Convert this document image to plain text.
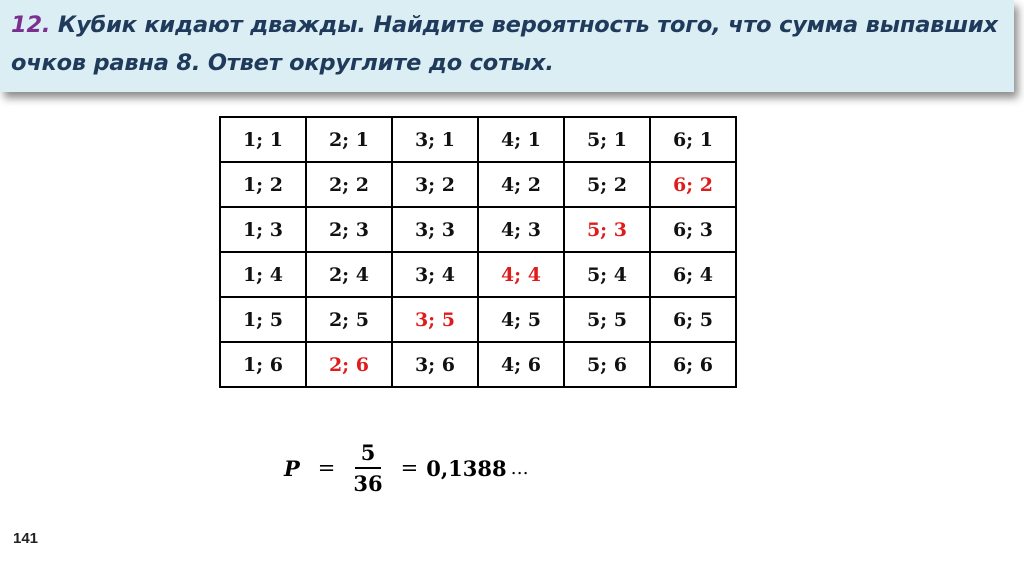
12. Кубик кидают дважды. Найдите вероятность того, что сумма выпавших очков равна 8. Ответ округлите до сотых.
1; 1	2; 1	3; 1	4; 1	5; 1	6; 1
1; 2	2; 2	3; 2	4; 2	5; 2	6; 2
1; 3	2; 3	3; 3	4; 3	5; 3	6; 3
1; 4	2; 4	3; 4	4; 4	5; 4	6; 4
1; 5	2; 5	3; 5	4; 5	5; 5	6; 5
1; 6	2; 6	3; 6	4; 6	5; 6	6; 6
$P = \frac{5}{36} = 0,1388$ …
141
